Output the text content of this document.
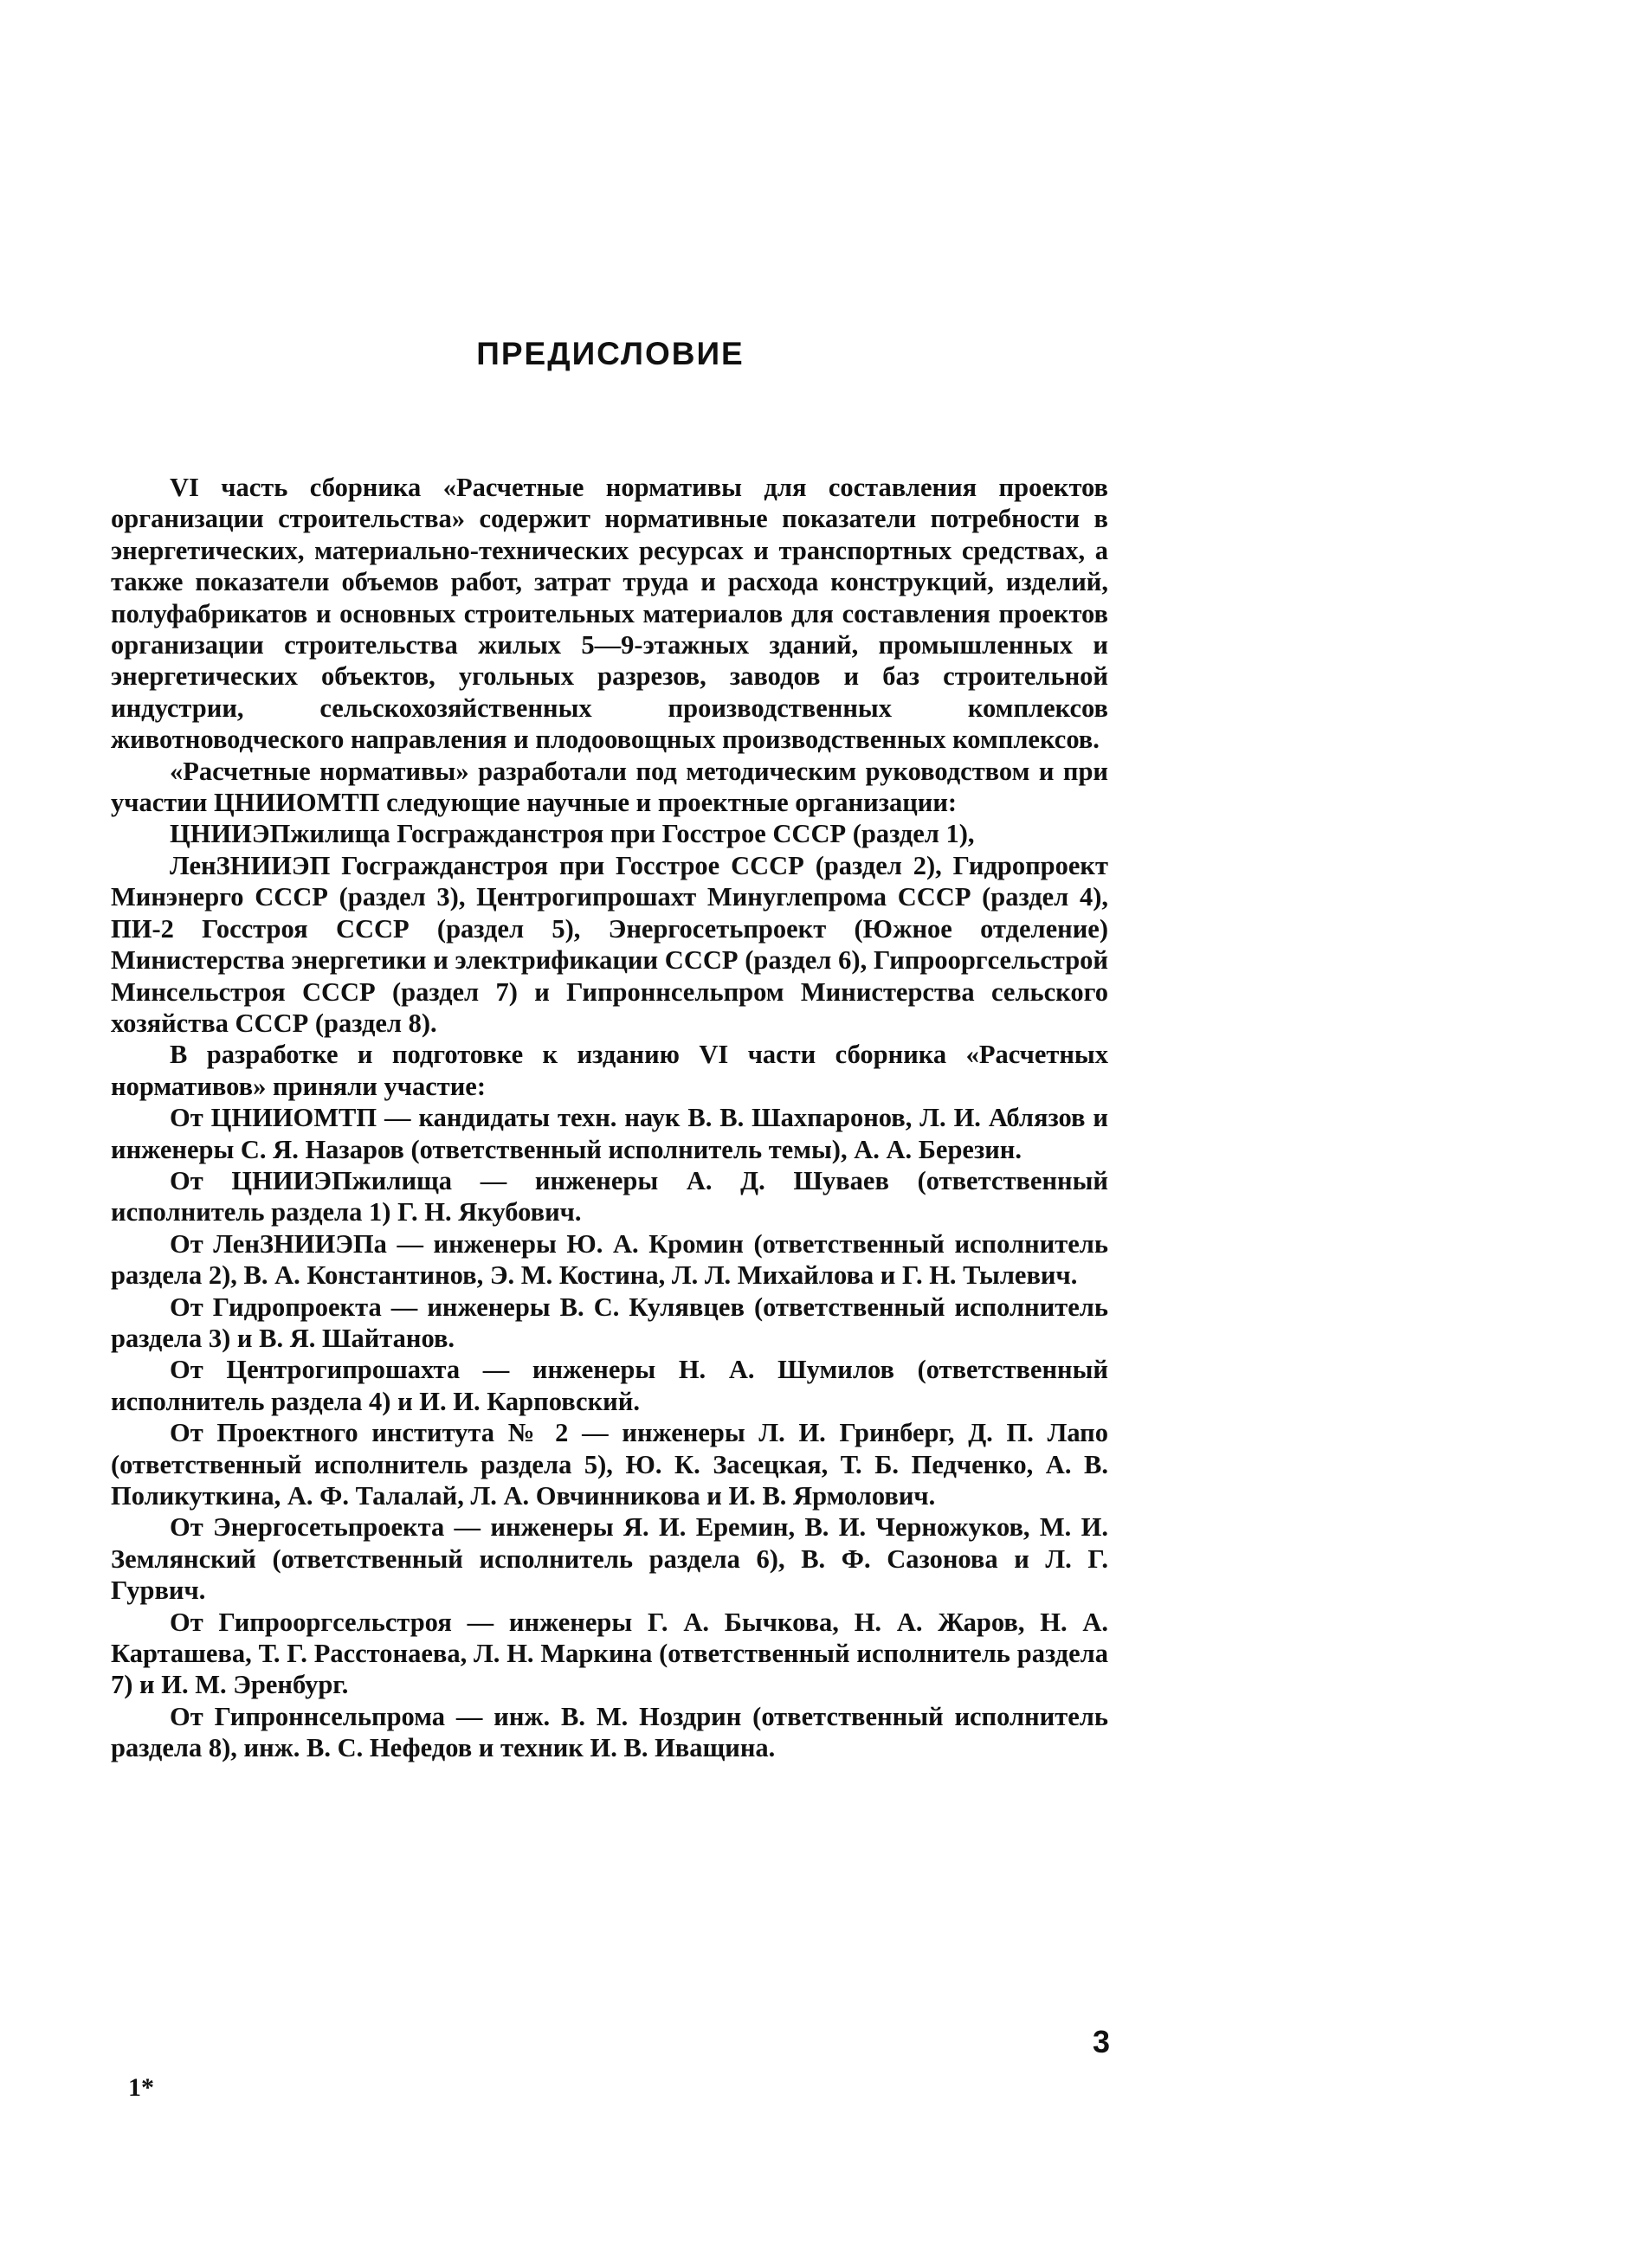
ПРЕДИСЛОВИЕ

VI часть сборника «Расчетные нормативы для составления проектов организации строительства» содержит нормативные показатели потребности в энергетических, материально-технических ресурсах и транспортных средствах, а также показатели объемов работ, затрат труда и расхода конструкций, изделий, полуфабрикатов и основных строительных материалов для составления проектов организации строительства жилых 5—9-этажных зданий, промышленных и энергетических объектов, угольных разрезов, заводов и баз строительной индустрии, сельскохозяйственных производственных комплексов животноводческого направления и плодоовощных производственных комплексов.

«Расчетные нормативы» разработали под методическим руководством и при участии ЦНИИОМТП следующие научные и проектные организации:

ЦНИИЭПжилища Госгражданстроя при Госстрое СССР (раздел 1),

ЛенЗНИИЭП Госгражданстроя при Госстрое СССР (раздел 2), Гидропроект Минэнерго СССР (раздел 3), Центрогипрошахт Минуглепрома СССР (раздел 4), ПИ-2 Госстроя СССР (раздел 5), Энергосетьпроект (Южное отделение) Министерства энергетики и электрификации СССР (раздел 6), Гипрооргсельстрой Минсельстроя СССР (раздел 7) и Гипроннсельпром Министерства сельского хозяйства СССР (раздел 8).

В разработке и подготовке к изданию VI части сборника «Расчетных нормативов» приняли участие:

От ЦНИИОМТП — кандидаты техн. наук В. В. Шахпаронов, Л. И. Аблязов и инженеры С. Я. Назаров (ответственный исполнитель темы), А. А. Березин.

От ЦНИИЭПжилища — инженеры А. Д. Шуваев (ответственный исполнитель раздела 1) Г. Н. Якубович.

От ЛенЗНИИЭПа — инженеры Ю. А. Кромин (ответственный исполнитель раздела 2), В. А. Константинов, Э. М. Костина, Л. Л. Михайлова и Г. Н. Тылевич.

От Гидропроекта — инженеры В. С. Кулявцев (ответственный исполнитель раздела 3) и В. Я. Шайтанов.

От Центрогипрошахта — инженеры Н. А. Шумилов (ответственный исполнитель раздела 4) и И. И. Карповский.

От Проектного института № 2 — инженеры Л. И. Гринберг, Д. П. Лапо (ответственный исполнитель раздела 5), Ю. К. Засецкая, Т. Б. Педченко, А. В. Поликуткина, А. Ф. Талалай, Л. А. Овчинникова и И. В. Ярмолович.

От Энергосетьпроекта — инженеры Я. И. Еремин, В. И. Черножуков, М. И. Землянский (ответственный исполнитель раздела 6), В. Ф. Сазонова и Л. Г. Гурвич.

От Гипрооргсельстроя — инженеры Г. А. Бычкова, Н. А. Жаров, Н. А. Карташева, Т. Г. Расстонаева, Л. Н. Маркина (ответственный исполнитель раздела 7) и И. М. Эренбург.

От Гипроннсельпрома — инж. В. М. Ноздрин (ответственный исполнитель раздела 8), инж. В. С. Нефедов и техник И. В. Иващина.

3
1*
